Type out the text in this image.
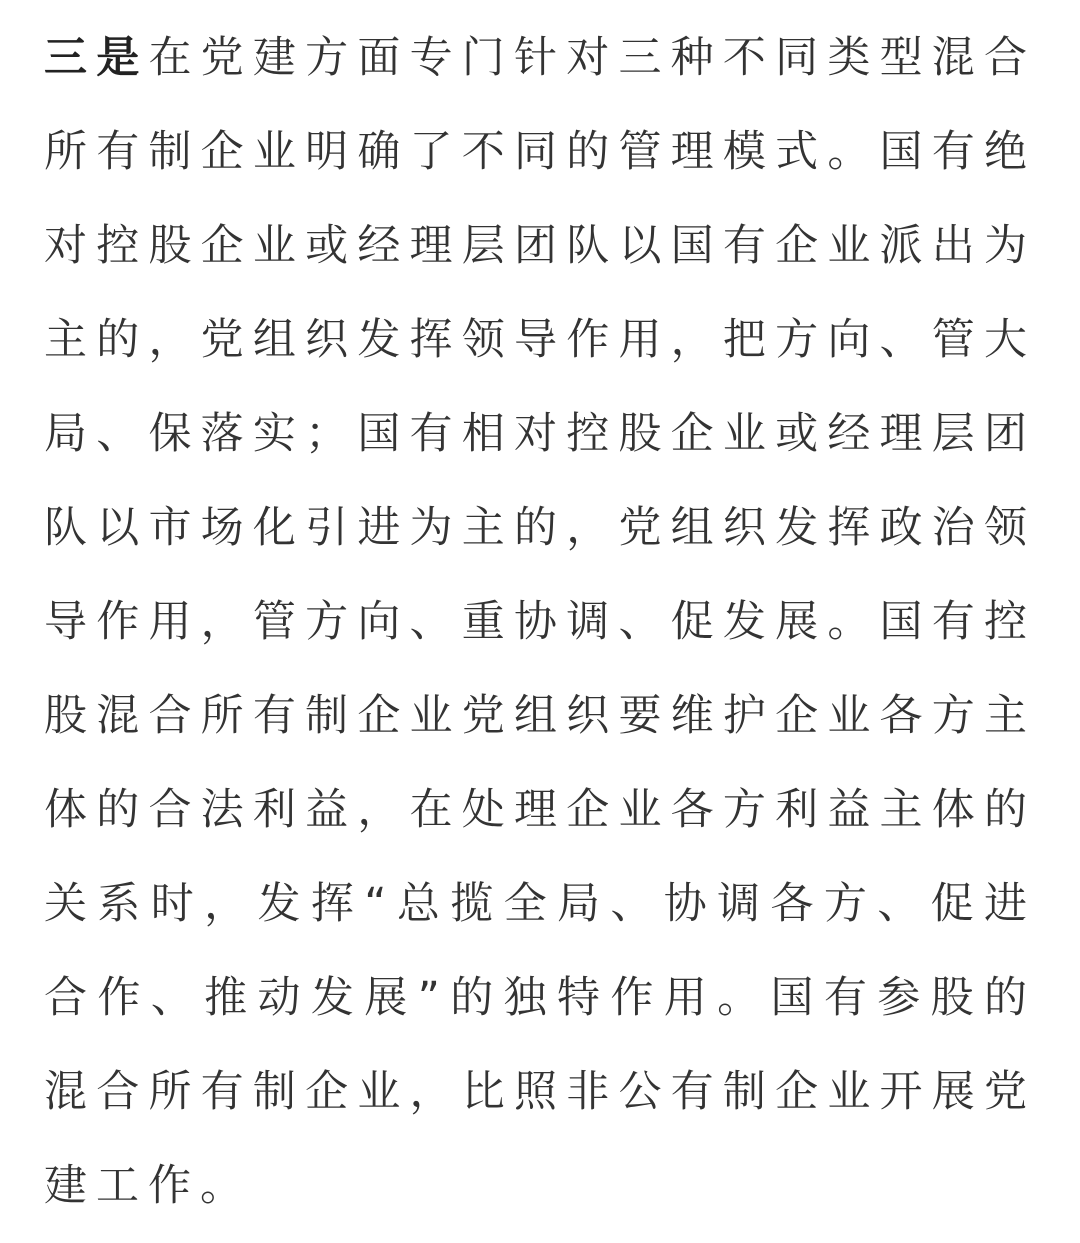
三是在党建方面专门针对三种不同类型混合所有制企业明确了不同的管理模式。国有绝对控股企业或经理层团队以国有企业派出为主的，党组织发挥领导作用，把方向、管大局、保落实；国有相对控股企业或经理层团队以市场化引进为主的，党组织发挥政治领导作用，管方向、重协调、促发展。国有控股混合所有制企业党组织要维护企业各方主体的合法利益，在处理企业各方利益主体的关系时，发挥“总揽全局、协调各方、促进合作、推动发展”的独特作用。国有参股的混合所有制企业，比照非公有制企业开展党建工作。
